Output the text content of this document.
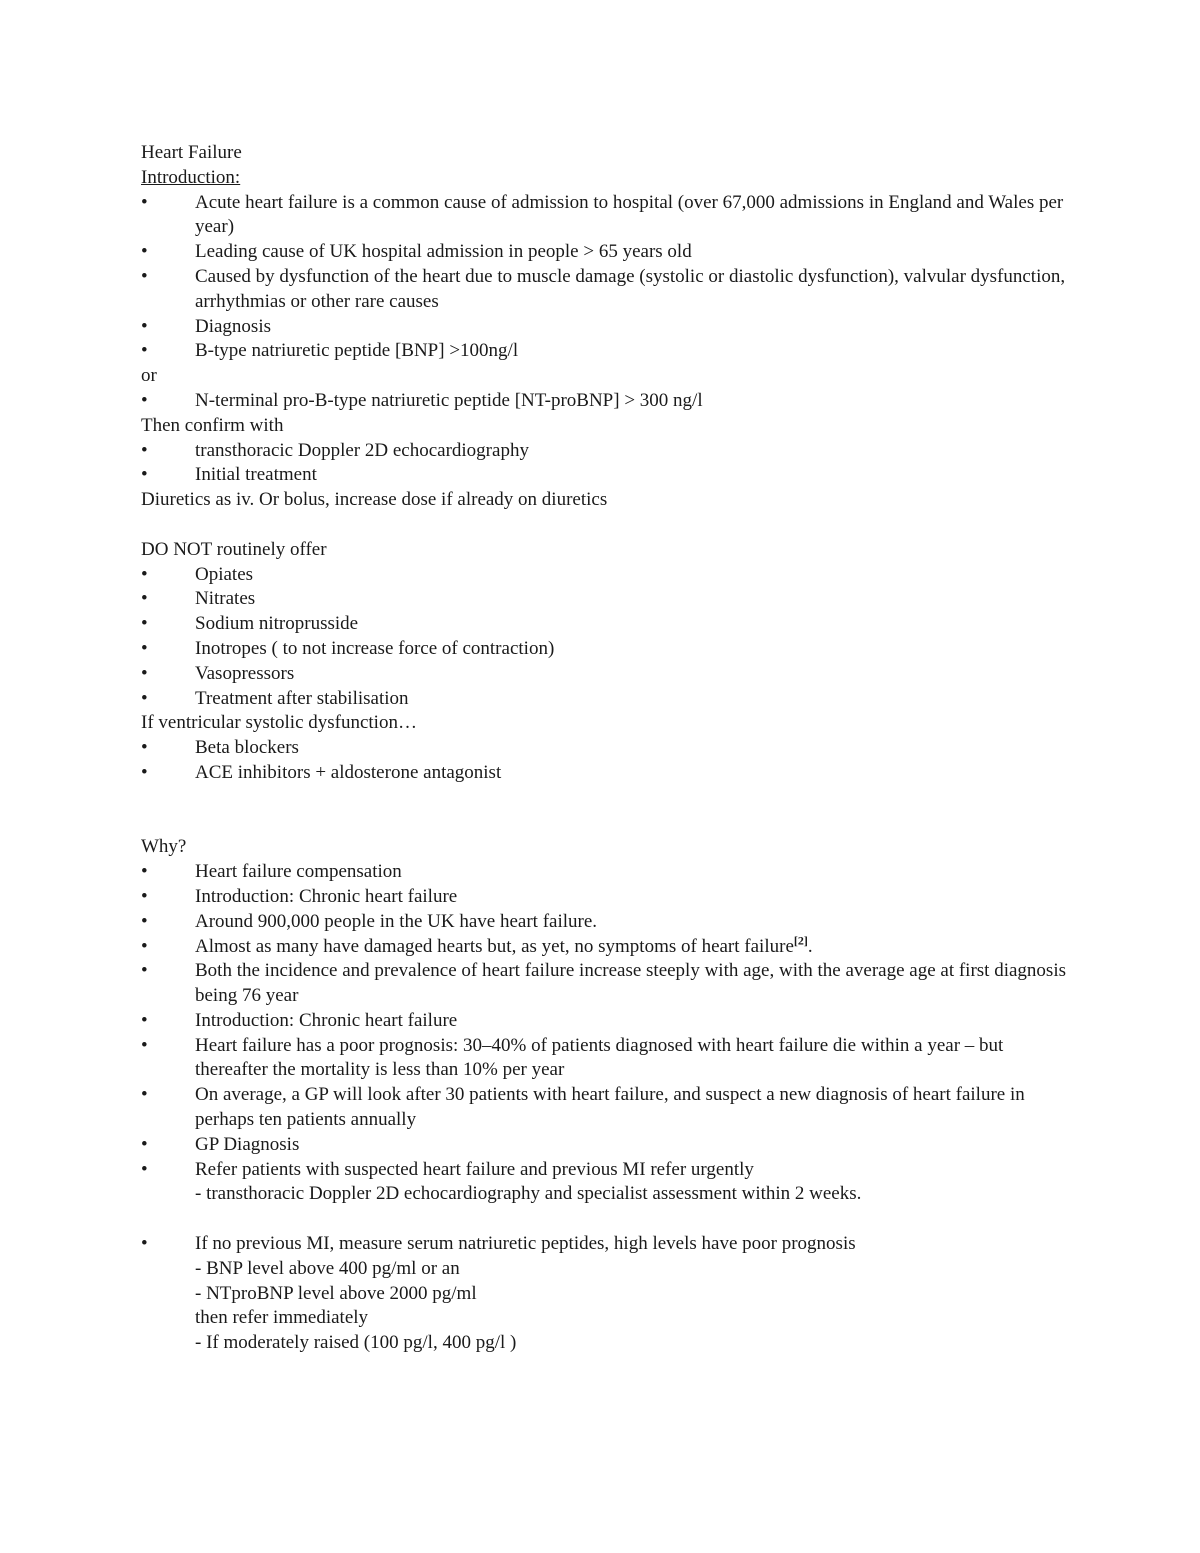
Heart Failure
Introduction:
•	Acute heart failure is a common cause of admission to hospital (over 67,000 admissions in England and Wales per year)
•	Leading cause of UK hospital admission in people > 65 years old
•	Caused by dysfunction of the heart due to muscle damage (systolic or diastolic dysfunction), valvular dysfunction, arrhythmias or other rare causes
•	Diagnosis
•	B-type natriuretic peptide [BNP] >100ng/l
or
•	N-terminal pro-B-type natriuretic peptide [NT-proBNP] > 300 ng/l
Then confirm with
•	transthoracic Doppler 2D echocardiography
•	Initial treatment
Diuretics as iv. Or bolus, increase dose if already on diuretics
DO NOT routinely offer
•	Opiates
•	Nitrates
•	Sodium nitroprusside
•	Inotropes ( to not increase force of contraction)
•	Vasopressors
•	Treatment after stabilisation
If ventricular systolic dysfunction…
•	Beta blockers
•	ACE inhibitors + aldosterone antagonist
Why?
•	Heart failure compensation
•	Introduction: Chronic heart failure
•	Around 900,000 people in the UK have heart failure.
•	Almost as many have damaged hearts but, as yet, no symptoms of heart failure[2].
•	Both the incidence and prevalence of heart failure increase steeply with age, with the average age at first diagnosis being 76 year
•	Introduction: Chronic heart failure
•	Heart failure has a poor prognosis: 30–40% of patients diagnosed with heart failure die within a year – but thereafter the mortality is less than 10% per year
•	On average, a GP will look after 30 patients with heart failure, and suspect a new diagnosis of heart failure in perhaps ten patients annually
•	GP Diagnosis
•	Refer patients with suspected heart failure and previous MI refer urgently
- transthoracic Doppler 2D echocardiography and specialist assessment within 2 weeks.
•	If no previous MI, measure serum natriuretic peptides, high levels have poor prognosis
- BNP level above 400 pg/ml or an
- NTproBNP level above 2000 pg/ml
then refer immediately
- If moderately raised (100 pg/l, 400 pg/l )
